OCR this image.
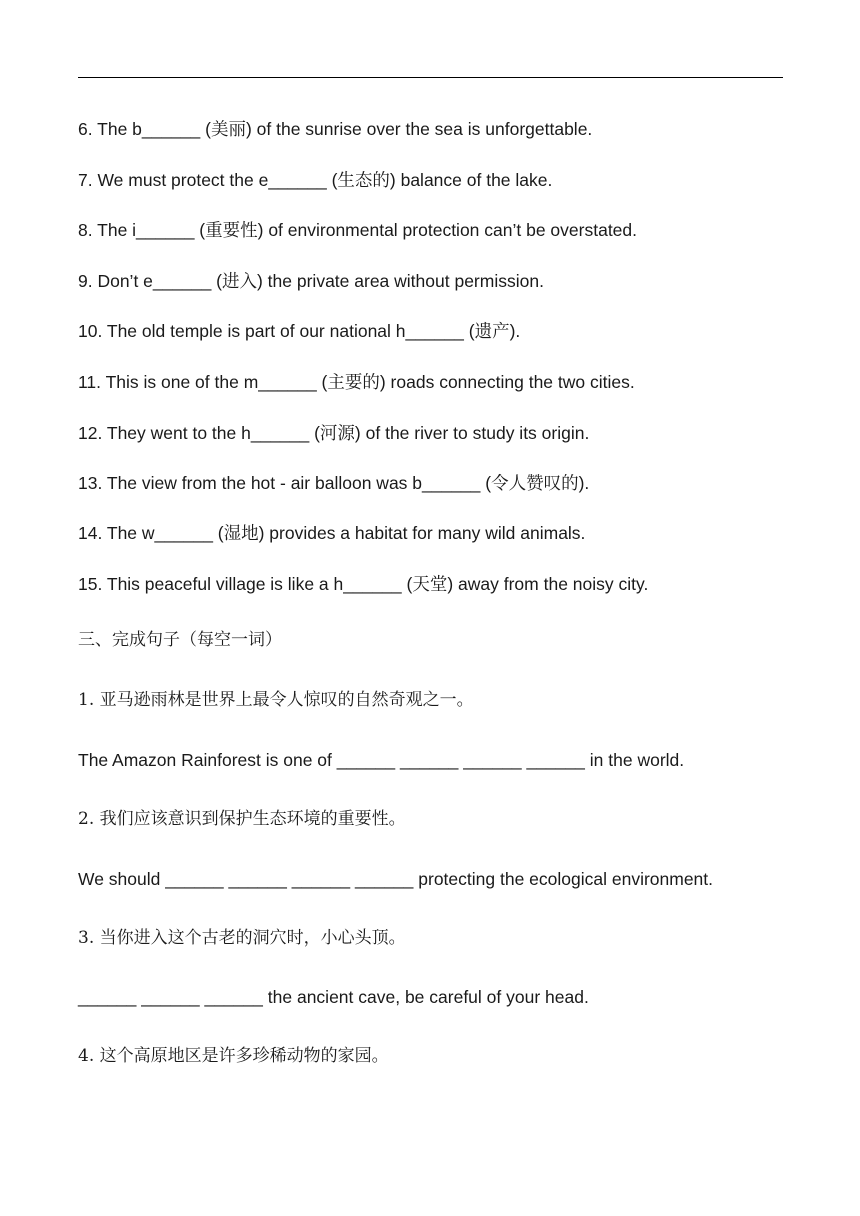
6. The b______ (美丽) of the sunrise over the sea is unforgettable.
7. We must protect the e______ (生态的) balance of the lake.
8. The i______ (重要性) of environmental protection can’t be overstated.
9. Don’t e______ (进入) the private area without permission.
10. The old temple is part of our national h______ (遗产).
11. This is one of the m______ (主要的) roads connecting the two cities.
12. They went to the h______ (河源) of the river to study its origin.
13. The view from the hot - air balloon was b______ (令人赞叹的).
14. The w______ (湿地) provides a habitat for many wild animals.
15. This peaceful village is like a h______ (天堂) away from the noisy city.
三、完成句子（每空一词）
1. 亚马逊雨林是世界上最令人惊叹的自然奇观之一。
The Amazon Rainforest is one of ______ ______ ______ ______ in the world.
2. 我们应该意识到保护生态环境的重要性。
We should ______ ______ ______ ______ protecting the ecological environment.
3. 当你进入这个古老的洞穴时，小心头顶。
______ ______ ______ the ancient cave, be careful of your head.
4. 这个高原地区是许多珍稀动物的家园。
